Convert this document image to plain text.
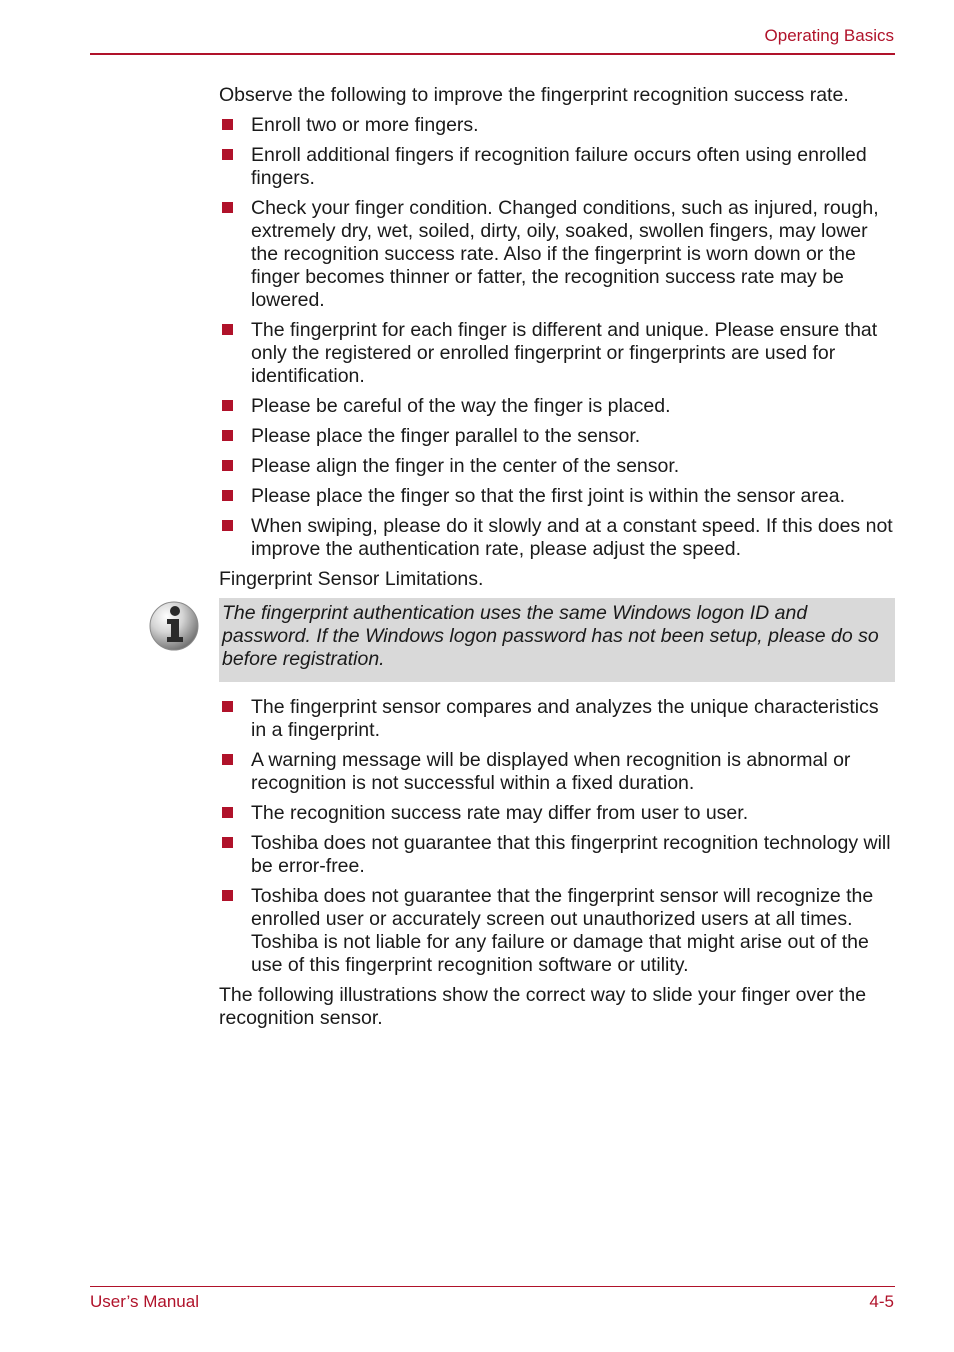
Operating Basics

Observe the following to improve the fingerprint recognition success rate.

Enroll two or more fingers.
Enroll additional fingers if recognition failure occurs often using enrolled fingers.
Check your finger condition. Changed conditions, such as injured, rough, extremely dry, wet, soiled, dirty, oily, soaked, swollen fingers, may lower the recognition success rate. Also if the fingerprint is worn down or the finger becomes thinner or fatter, the recognition success rate may be lowered.
The fingerprint for each finger is different and unique. Please ensure that only the registered or enrolled fingerprint or fingerprints are used for identification.
Please be careful of the way the finger is placed.
Please place the finger parallel to the sensor.
Please align the finger in the center of the sensor.
Please place the finger so that the first joint is within the sensor area.
When swiping, please do it slowly and at a constant speed. If this does not improve the authentication rate, please adjust the speed.

Fingerprint Sensor Limitations.

The fingerprint authentication uses the same Windows logon ID and password. If the Windows logon password has not been setup, please do so before registration.
The fingerprint sensor compares and analyzes the unique characteristics in a fingerprint.
A warning message will be displayed when recognition is abnormal or recognition is not successful within a fixed duration.
The recognition success rate may differ from user to user.
Toshiba does not guarantee that this fingerprint recognition technology will be error-free.
Toshiba does not guarantee that the fingerprint sensor will recognize the enrolled user or accurately screen out unauthorized users at all times. Toshiba is not liable for any failure or damage that might arise out of the use of this fingerprint recognition software or utility.

The following illustrations show the correct way to slide your finger over the recognition sensor.

User’s Manual	4-5
